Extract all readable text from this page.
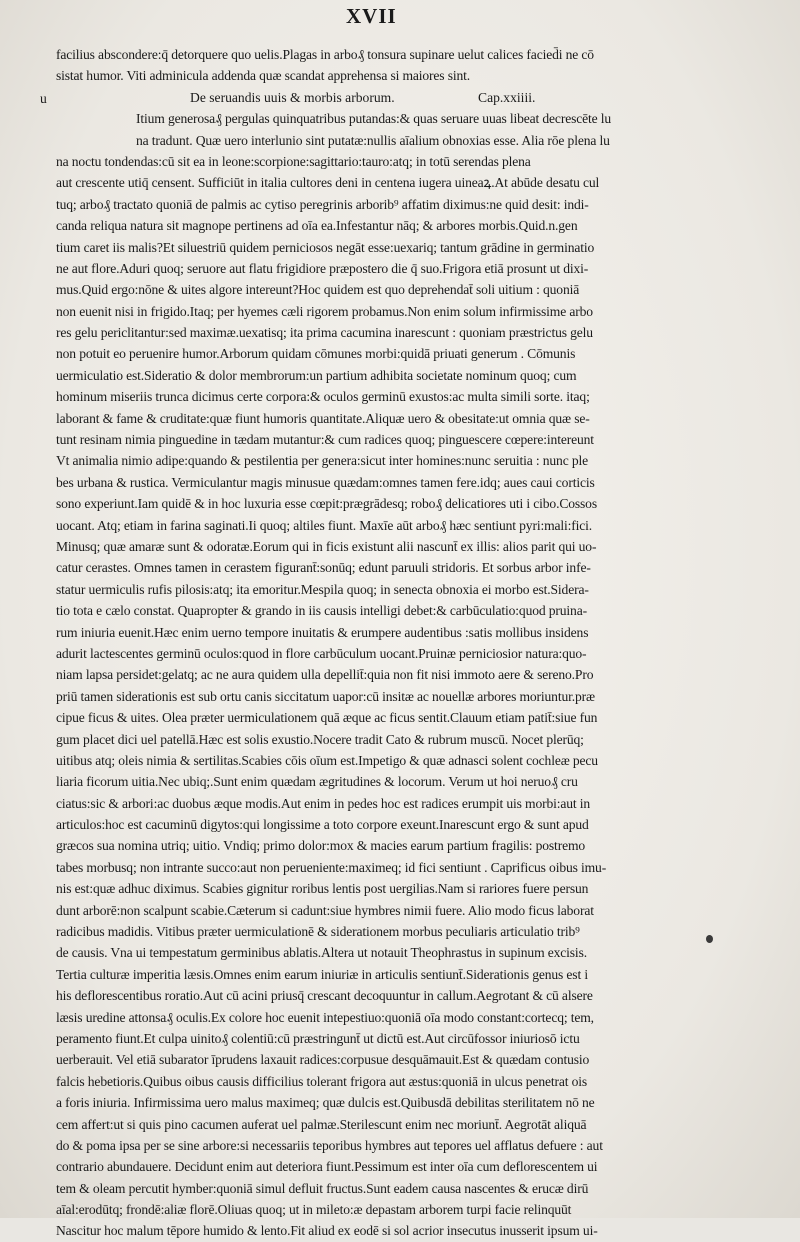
XVII
facilius abscondere:q̄ detorquere quo uelis.Plagas in arbo₰ tonsura supinare uelut calices facied̄i ne cō
sistat humor. Viti adminicula addenda quæ scandat apprehensa si maiores sint.
De seruandis uuis & morbis arborum.	Cap.xxiiii.
Itium generosa₰ pergulas quinquatribus putandas:& quas seruare uuas libeat decrescēte lu
na tradunt. Quæ uero interlunio sint putatæ:nullis aīalium obnoxias esse. Alia rōe plena lu
na noctu tondendas:cū sit ea in leone:scorpione:sagittario:tauro:atq; in totū serendas plena
aut crescente utiq̄ censent. Sufficiūt in italia cultores deni in centena iugera uineaꝝ.At abūde desatu cul
tuq; arbo₰ tractato quoniā de palmis ac cytiso peregrinis arborib⁹ affatim diximus:ne quid desit: indi-
canda reliqua natura sit magnope pertinens ad oīa ea.Infestantur nāq; & arbores morbis.Quid.n.gen
tium caret iis malis?Et siluestriū quidem perniciosos negāt esse:uexariq; tantum grādine in germinatio
ne aut flore.Aduri quoq; seruore aut flatu frigidiore præpostero die q̄ suo.Frigora etiā prosunt ut dixi-
mus.Quid ergo:nōne & uites algore intereunt?Hoc quidem est quo deprehendat̄ soli uitium : quoniā
non euenit nisi in frigido.Itaq; per hyemes cæli rigorem probamus.Non enim solum infirmissime arbo
res gelu periclitantur:sed maximæ.uexatisq; ita prima cacumina inarescunt : quoniam præstrictus gelu
non potuit eo peruenire humor.Arborum quidam cōmunes morbi:quidā priuati generum . Cōmunis
uermiculatio est.Sideratio & dolor membrorum:un partium adhibita societate nominum quoq; cum
hominum miseriis trunca dicimus certe corpora:& oculos germinū exustos:ac multa simili sorte. itaq;
laborant & fame & cruditate:quæ fiunt humoris quantitate.Aliquæ uero & obesitate:ut omnia quæ se-
tunt resinam nimia pinguedine in tædam mutantur:& cum radices quoq; pinguescere cœpere:intereunt
Vt animalia nimio adipe:quando & pestilentia per genera:sicut inter homines:nunc seruitia : nunc ple
bes urbana & rustica. Vermiculantur magis minusue quædam:omnes tamen fere.idq; aues caui corticis
sono experiunt.Iam quidē & in hoc luxuria esse cœpit:prægrādesq; robo₰ delicatiores uti i cibo.Cossos
uocant. Atq; etiam in farina saginati.Ii quoq; altiles fiunt. Maxīe aūt arbo₰ hæc sentiunt pyri:mali:fici.
Minusq; quæ amaræ sunt & odoratæ.Eorum qui in ficis existunt alii nascunt̄ ex illis: alios parit qui uo-
catur cerastes. Omnes tamen in cerastem figurant̄:sonūq; edunt paruuli stridoris. Et sorbus arbor infe-
statur uermiculis rufis pilosis:atq; ita emoritur.Mespila quoq; in senecta obnoxia ei morbo est.Sidera-
tio tota e cælo constat. Quapropter & grando in iis causis intelligi debet:& carbūculatio:quod pruina-
rum iniuria euenit.Hæc enim uerno tempore inuitatis & erumpere audentibus :satis mollibus insidens
adurit lactescentes germinū oculos:quod in flore carbūculum uocant.Pruinæ perniciosior natura:quo-
niam lapsa persidet:gelatq; ac ne aura quidem ulla depellit̄:quia non fit nisi immoto aere & sereno.Pro
priū tamen siderationis est sub ortu canis siccitatum uapor:cū insitæ ac nouellæ arbores moriuntur.præ
cipue ficus & uites. Olea præter uermiculationem quā æque ac ficus sentit.Clauum etiam patit̄:siue fun
gum placet dici uel patellā.Hæc est solis exustio.Nocere tradit Cato & rubrum muscū. Nocet plerūq;
uitibus atq; oleis nimia & sertilitas.Scabies cōis oīum est.Impetigo & quæ adnasci solent cochleæ pecu
liaria ficorum uitia.Nec ubiq;.Sunt enim quædam ægritudines & locorum. Verum ut hoi neruo₰ cru
ciatus:sic & arbori:ac duobus æque modis.Aut enim in pedes hoc est radices erumpit uis morbi:aut in
articulos:hoc est cacuminū digytos:qui longissime a toto corpore exeunt.Inarescunt ergo & sunt apud
græcos sua nomina utriq; uitio. Vndiq; primo dolor:mox & macies earum partium fragilis: postremo
tabes morbusq; non intrante succo:aut non perueniente:maximeq; id fici sentiunt . Caprificus oibus imu-
nis est:quæ adhuc diximus. Scabies gignitur roribus lentis post uergilias.Nam si rariores fuere persun
dunt arborē:non scalpunt scabie.Cæterum si cadunt:siue hymbres nimii fuere. Alio modo ficus laborat
radicibus madidis. Vitibus præter uermiculationē & siderationem morbus peculiaris articulatio trib⁹
de causis. Vna ui tempestatum germinibus ablatis.Altera ut notauit Theophrastus in supinum excisis.
Tertia culturæ imperitia læsis.Omnes enim earum iniuriæ in articulis sentiunt̄.Siderationis genus est i
his deflorescentibus roratio.Aut cū acini priusq̄ crescant decoquuntur in callum.Aegrotant & cū alsere
læsis uredine attonsa₰ oculis.Ex colore hoc euenit intepestiuo:quoniā oīa modo constant:cortecq; tem,
peramento fiunt.Et culpa uinito₰ colentiū:cū præstringunt̄ ut dictū est.Aut circūfossor iniuriosō ictu
uerberauit. Vel etiā subarator īprudens laxauit radices:corpusue desquāmauit.Est & quædam contusio
falcis hebetioris.Quibus oibus causis difficilius tolerant frigora aut æstus:quoniā in ulcus penetrat ois
a foris iniuria. Infirmissima uero malus maximeq; quæ dulcis est.Quibusdā debilitas sterilitatem nō ne
cem affert:ut si quis pino cacumen auferat uel palmæ.Sterilescunt enim nec moriunt̄. Aegrotāt aliquā
do & poma ipsa per se sine arbore:si necessariis teporibus hymbres aut tepores uel afflatus defuere : aut
contrario abundauere. Decidunt enim aut deteriora fiunt.Pessimum est inter oīa cum deflorescentem ui
tem & oleam percutit hymber:quoniā simul defluit fructus.Sunt eadem causa nascentes & erucæ dirū
aīal:erodūtq; frondē:aliæ florē.Oliuas quoq; ut in mileto:æ depastam arborem turpi facie relinquūt
Nascitur hoc malum tēpore humido & lento.Fit aliud ex eodē si sol acrior insecutus inusserit ipsum ui-
u
